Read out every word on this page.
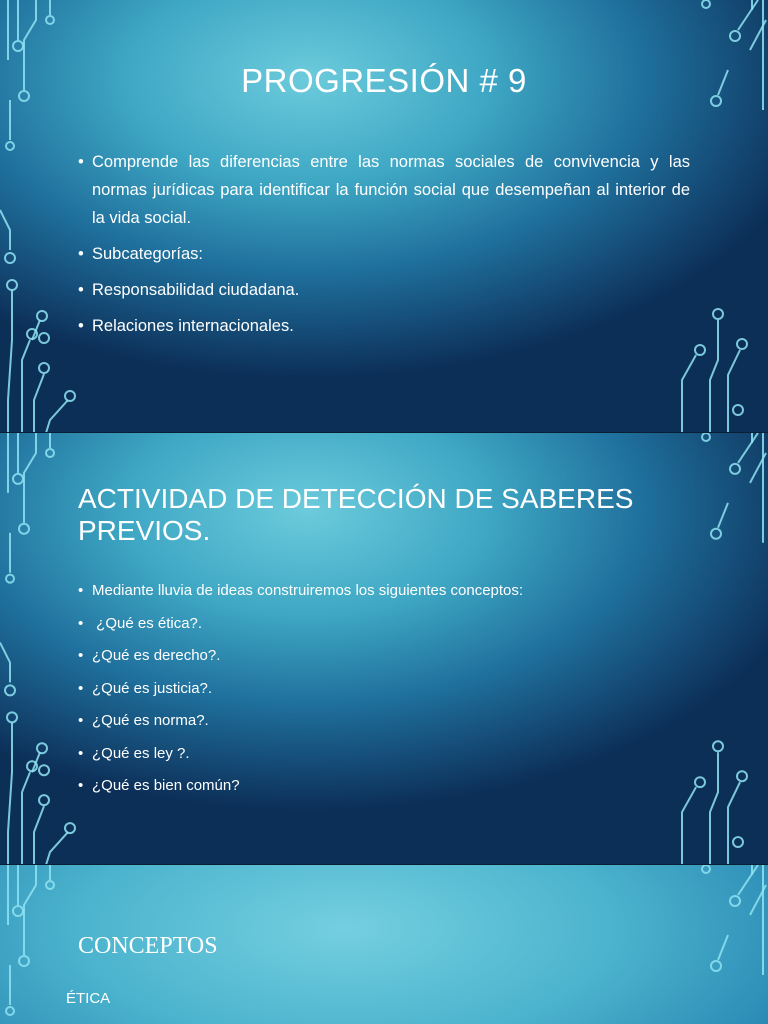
PROGRESIÓN # 9
• Comprende las diferencias entre las normas sociales de convivencia y las normas jurídicas para identificar la función social que desempeñan al interior de la vida social.
• Subcategorías:
• Responsabilidad ciudadana.
• Relaciones internacionales.
ACTIVIDAD DE DETECCIÓN DE SABERES PREVIOS.
• Mediante lluvia de ideas construiremos los siguientes conceptos:
•  ¿Qué es ética?.
• ¿Qué es derecho?.
• ¿Qué es justicia?.
• ¿Qué es norma?.
• ¿Qué es ley ?.
• ¿Qué es bien común?
CONCEPTOS
ÉTICA
